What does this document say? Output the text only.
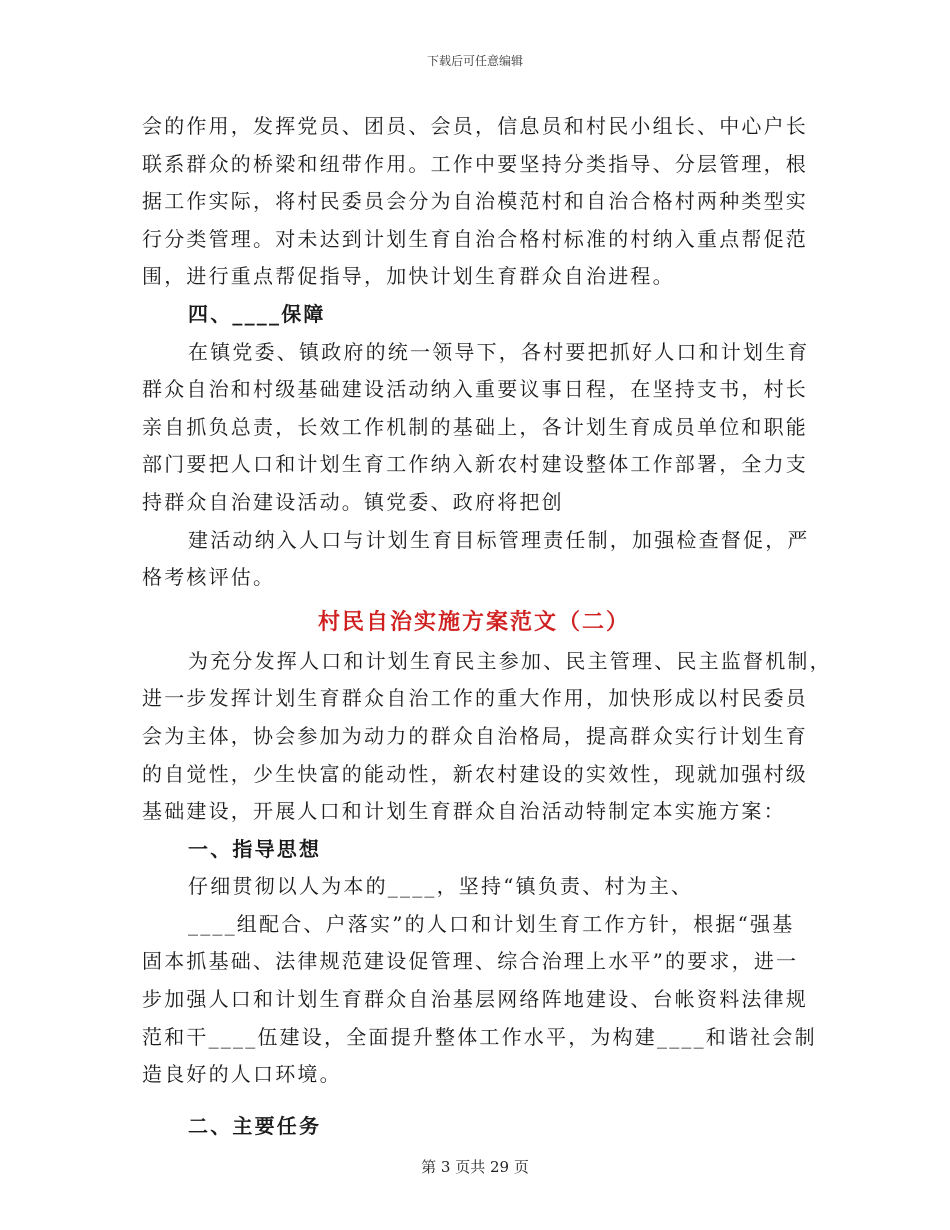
下载后可任意编辑
会的作用，发挥党员、团员、会员，信息员和村民小组长、中心户长
联系群众的桥梁和纽带作用。工作中要坚持分类指导、分层管理，根
据工作实际，将村民委员会分为自治模范村和自治合格村两种类型实
行分类管理。对未达到计划生育自治合格村标准的村纳入重点帮促范
围，进行重点帮促指导，加快计划生育群众自治进程。
四、____保障
在镇党委、镇政府的统一领导下，各村要把抓好人口和计划生育
群众自治和村级基础建设活动纳入重要议事日程，在坚持支书，村长
亲自抓负总责，长效工作机制的基础上，各计划生育成员单位和职能
部门要把人口和计划生育工作纳入新农村建设整体工作部署，全力支
持群众自治建设活动。镇党委、政府将把创
建活动纳入人口与计划生育目标管理责任制，加强检查督促，严
格考核评估。
村民自治实施方案范文（二）
为充分发挥人口和计划生育民主参加、民主管理、民主监督机制，
进一步发挥计划生育群众自治工作的重大作用，加快形成以村民委员
会为主体，协会参加为动力的群众自治格局，提高群众实行计划生育
的自觉性，少生快富的能动性，新农村建设的实效性，现就加强村级
基础建设，开展人口和计划生育群众自治活动特制定本实施方案：
一、指导思想
仔细贯彻以人为本的____，坚持“镇负责、村为主、
____组配合、户落实”的人口和计划生育工作方针，根据“强基
固本抓基础、法律规范建设促管理、综合治理上水平”的要求，进一
步加强人口和计划生育群众自治基层网络阵地建设、台帐资料法律规
范和干____伍建设，全面提升整体工作水平，为构建____和谐社会制
造良好的人口环境。
二、主要任务
第 3 页共 29 页
